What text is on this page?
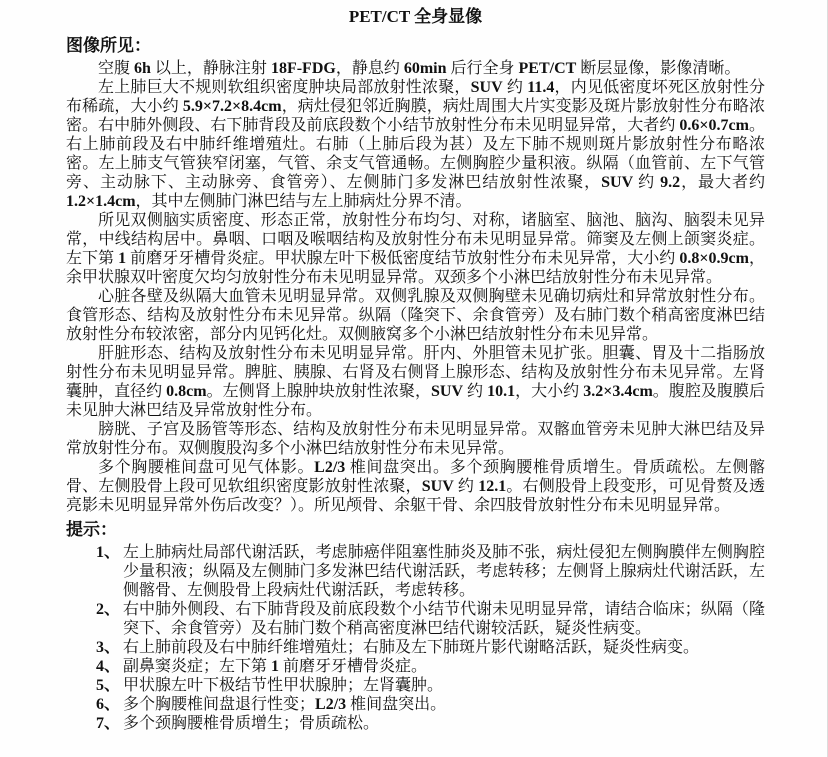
PET/CT 全身显像
图像所见：

空腹 6h 以上，静脉注射 18F-FDG，静息约 60min 后行全身 PET/CT 断层显像，影像清晰。

左上肺巨大不规则软组织密度肿块局部放射性浓聚，SUV 约 11.4，内见低密度坏死区放射性分布稀疏，大小约 5.9×7.2×8.4cm，病灶侵犯邻近胸膜，病灶周围大片实变影及斑片影放射性分布略浓密。右中肺外侧段、右下肺背段及前底段数个小结节放射性分布未见明显异常，大者约 0.6×0.7cm。右上肺前段及右中肺纤维增殖灶。右肺（上肺后段为甚）及左下肺不规则斑片影放射性分布略浓密。左上肺支气管狭窄闭塞，气管、余支气管通畅。左侧胸腔少量积液。纵隔（血管前、左下气管旁、主动脉下、主动脉旁、食管旁）、左侧肺门多发淋巴结放射性浓聚，SUV 约 9.2，最大者约 1.2×1.4cm，其中左侧肺门淋巴结与左上肺病灶分界不清。

所见双侧脑实质密度、形态正常，放射性分布均匀、对称，诸脑室、脑池、脑沟、脑裂未见异常，中线结构居中。鼻咽、口咽及喉咽结构及放射性分布未见明显异常。筛窦及左侧上颌窦炎症。左下第 1 前磨牙牙槽骨炎症。甲状腺左叶下极低密度结节放射性分布未见异常，大小约 0.8×0.9cm，余甲状腺双叶密度欠均匀放射性分布未见明显异常。双颈多个小淋巴结放射性分布未见异常。

心脏各壁及纵隔大血管未见明显异常。双侧乳腺及双侧胸壁未见确切病灶和异常放射性分布。食管形态、结构及放射性分布未见异常。纵隔（隆突下、余食管旁）及右肺门数个稍高密度淋巴结放射性分布较浓密，部分内见钙化灶。双侧腋窝多个小淋巴结放射性分布未见异常。

肝脏形态、结构及放射性分布未见明显异常。肝内、外胆管未见扩张。胆囊、胃及十二指肠放射性分布未见明显异常。脾脏、胰腺、右肾及右侧肾上腺形态、结构及放射性分布未见异常。左肾囊肿，直径约 0.8cm。左侧肾上腺肿块放射性浓聚，SUV 约 10.1，大小约 3.2×3.4cm。腹腔及腹膜后未见肿大淋巴结及异常放射性分布。

膀胱、子宫及肠管等形态、结构及放射性分布未见明显异常。双髂血管旁未见肿大淋巴结及异常放射性分布。双侧腹股沟多个小淋巴结放射性分布未见异常。

多个胸腰椎间盘可见气体影。L2/3 椎间盘突出。多个颈胸腰椎骨质增生。骨质疏松。左侧髂骨、左侧股骨上段可见软组织密度影放射性浓聚，SUV 约 12.1。右侧股骨上段变形，可见骨赘及透亮影未见明显异常外伤后改变？）。所见颅骨、余躯干骨、余四肢骨放射性分布未见明显异常。

提示：
1、 左上肺病灶局部代谢活跃，考虑肺癌伴阻塞性肺炎及肺不张，病灶侵犯左侧胸膜伴左侧胸腔少量积液；纵隔及左侧肺门多发淋巴结代谢活跃，考虑转移；左侧肾上腺病灶代谢活跃，左侧髂骨、左侧股骨上段病灶代谢活跃，考虑转移。
2、 右中肺外侧段、右下肺背段及前底段数个小结节代谢未见明显异常，请结合临床；纵隔（隆突下、余食管旁）及右肺门数个稍高密度淋巴结代谢较活跃，疑炎性病变。
3、 右上肺前段及右中肺纤维增殖灶；右肺及左下肺斑片影代谢略活跃，疑炎性病变。
4、 副鼻窦炎症；左下第 1 前磨牙牙槽骨炎症。
5、 甲状腺左叶下极结节性甲状腺肿；左肾囊肿。
6、 多个胸腰椎间盘退行性变；L2/3 椎间盘突出。
7、 多个颈胸腰椎骨质增生；骨质疏松。
